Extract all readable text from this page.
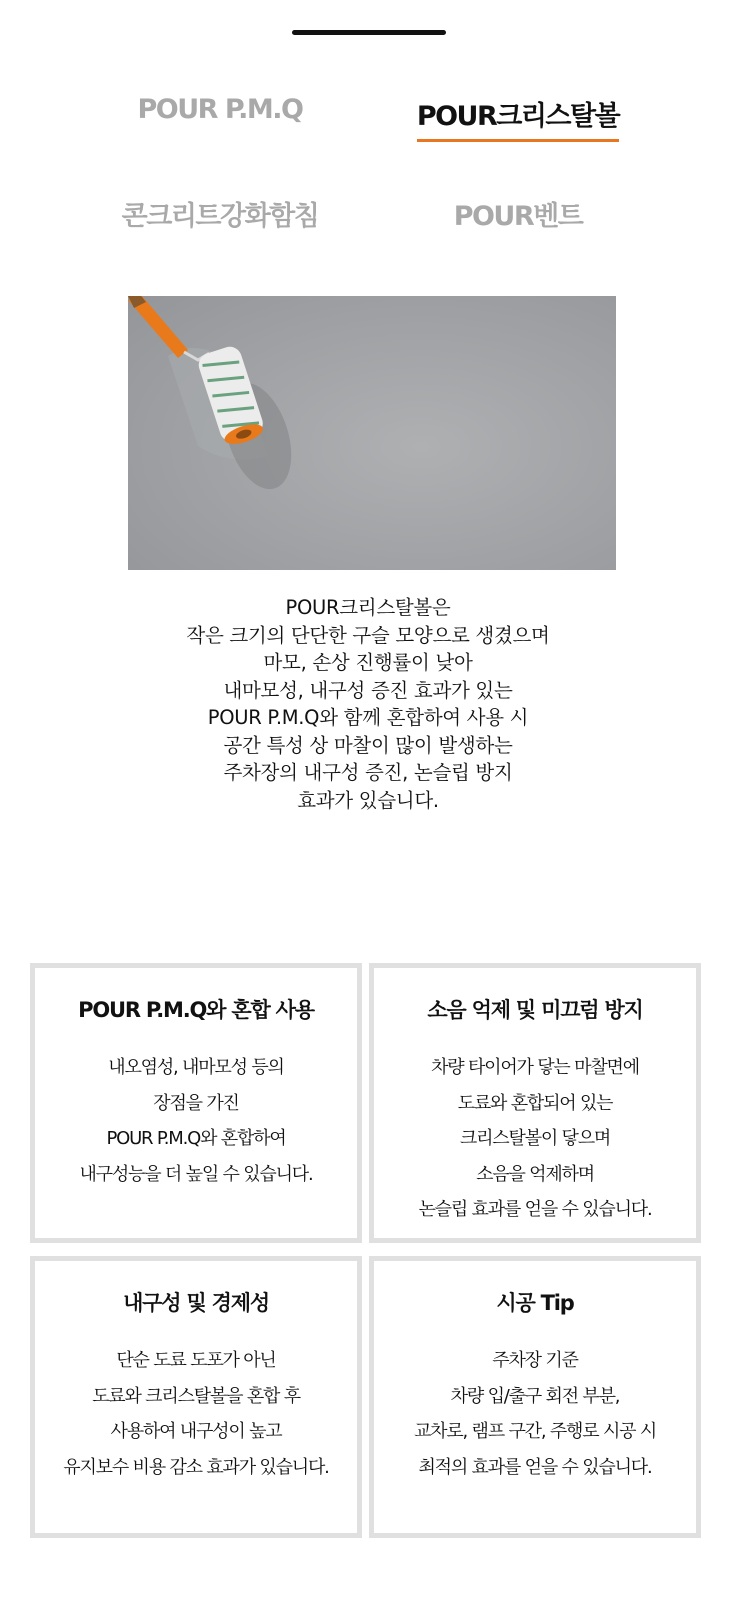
POUR P.M.Q	POUR크리스탈볼
콘크리트강화함침	POUR벤트
POUR크리스탈볼은
작은 크기의 단단한 구슬 모양으로 생겼으며
마모, 손상 진행률이 낮아
내마모성, 내구성 증진 효과가 있는
POUR P.M.Q와 함께 혼합하여 사용 시
공간 특성 상 마찰이 많이 발생하는
주차장의 내구성 증진, 논슬립 방지
효과가 있습니다.
POUR P.M.Q와 혼합 사용
내오염성, 내마모성 등의
장점을 가진
POUR P.M.Q와 혼합하여
내구성능을 더 높일 수 있습니다.
소음 억제 및 미끄럼 방지
차량 타이어가 닿는 마찰면에
도료와 혼합되어 있는
크리스탈볼이 닿으며
소음을 억제하며
논슬립 효과를 얻을 수 있습니다.
내구성 및 경제성
단순 도료 도포가 아닌
도료와 크리스탈볼을 혼합 후
사용하여 내구성이 높고
유지보수 비용 감소 효과가 있습니다.
시공 Tip
주차장 기준
차량 입/출구 회전 부분,
교차로, 램프 구간, 주행로 시공 시
최적의 효과를 얻을 수 있습니다.
